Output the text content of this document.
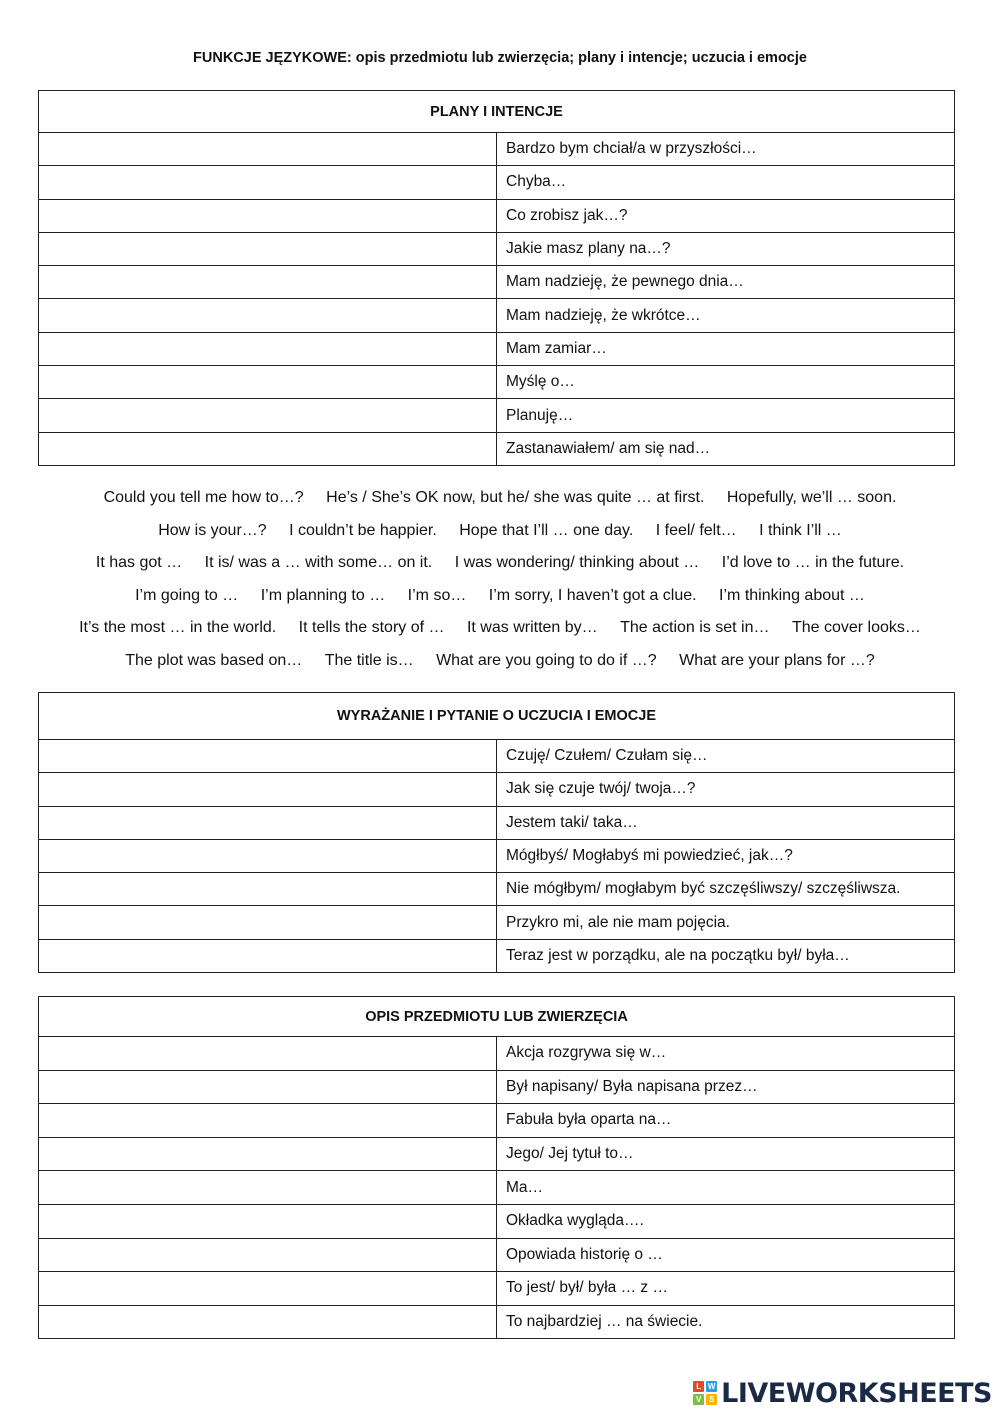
FUNKCJE JĘZYKOWE: opis przedmiotu lub zwierzęcia; plany i intencje; uczucia i emocje
PLANY I INTENCJE	
	Bardzo bym chciał/a w przyszłości…
	Chyba…
	Co zrobisz jak…?
	Jakie masz plany na…?
	Mam nadzieję, że pewnego dnia…
	Mam nadzieję, że wkrótce…
	Mam zamiar…
	Myślę o…
	Planuję…
	Zastanawiałem/ am się nad…
Could you tell me how to…? He’s / She’s OK now, but he/ she was quite … at first. Hopefully, we’ll … soon.
How is your…? I couldn’t be happier. Hope that I’ll … one day. I feel/ felt… I think I’ll …
It has got … It is/ was a … with some… on it. I was wondering/ thinking about … I’d love to … in the future.
I’m going to … I’m planning to … I’m so… I’m sorry, I haven’t got a clue. I’m thinking about …
It’s the most … in the world. It tells the story of … It was written by… The action is set in… The cover looks…
The plot was based on… The title is… What are you going to do if …? What are your plans for …?
WYRAŻANIE I PYTANIE O UCZUCIA I EMOCJE	
	Czuję/ Czułem/ Czułam się…
	Jak się czuje twój/ twoja…?
	Jestem taki/ taka…
	Mógłbyś/ Mogłabyś mi powiedzieć, jak…?
	Nie mógłbym/ mogłabym być szczęśliwszy/ szczęśliwsza.
	Przykro mi, ale nie mam pojęcia.
	Teraz jest w porządku, ale na początku był/ była…
OPIS PRZEDMIOTU LUB ZWIERZĘCIA	
	Akcja rozgrywa się w…
	Był napisany/ Była napisana przez…
	Fabuła była oparta na…
	Jego/ Jej tytuł to…
	Ma…
	Okładka wygląda….
	Opowiada historię o …
	To jest/ był/ była … z …
	To najbardziej … na świecie.
L W
V S LIVEWORKSHEETS
